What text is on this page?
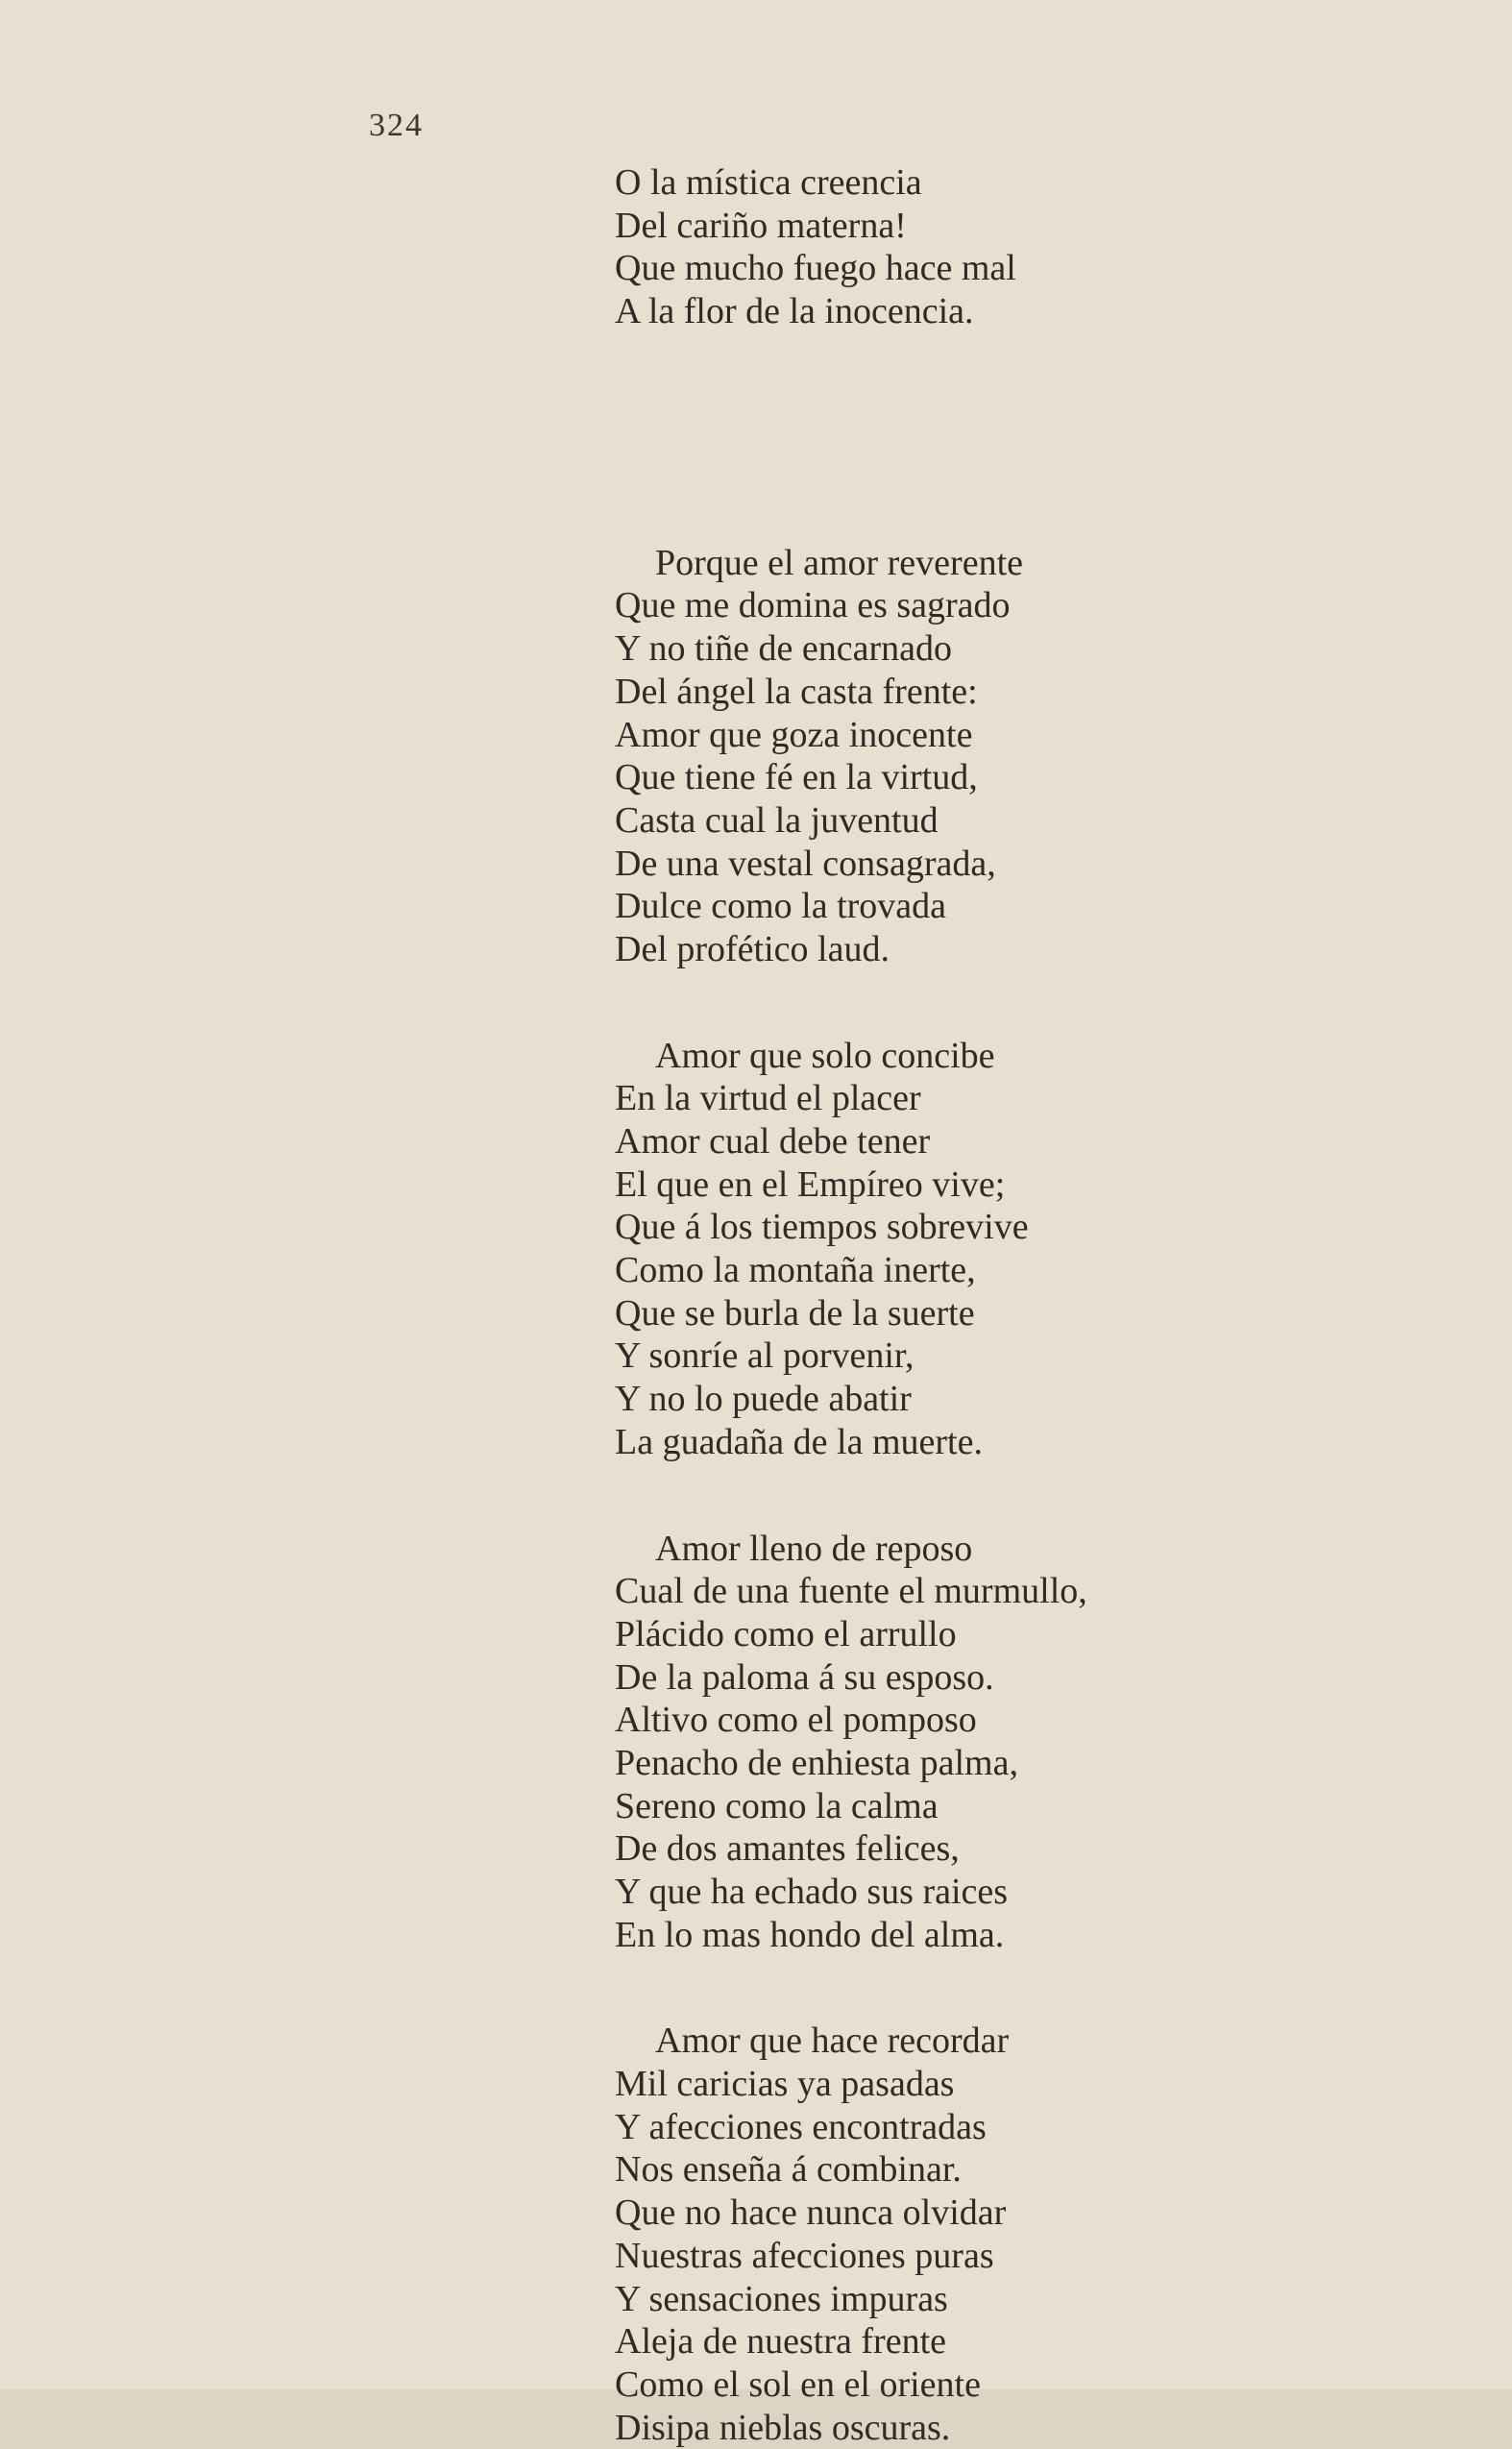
324
O la mística creencia
Del cariño materna!
Que mucho fuego hace mal
A la flor de la inocencia.
Porque el amor reverente
Que me domina es sagrado
Y no tiñe de encarnado
Del ángel la casta frente:
Amor que goza inocente
Que tiene fé en la virtud,
Casta cual la juventud
De una vestal consagrada,
Dulce como la trovada
Del profético laud.
Amor que solo concibe
En la virtud el placer
Amor cual debe tener
El que en el Empíreo vive;
Que á los tiempos sobrevive
Como la montaña inerte,
Que se burla de la suerte
Y sonríe al porvenir,
Y no lo puede abatir
La guadaña de la muerte.
Amor lleno de reposo
Cual de una fuente el murmullo,
Plácido como el arrullo
De la paloma á su esposo.
Altivo como el pomposo
Penacho de enhiesta palma,
Sereno como la calma
De dos amantes felices,
Y que ha echado sus raices
En lo mas hondo del alma.
Amor que hace recordar
Mil caricias ya pasadas
Y afecciones encontradas
Nos enseña á combinar.
Que no hace nunca olvidar
Nuestras afecciones puras
Y sensaciones impuras
Aleja de nuestra frente
Como el sol en el oriente
Disipa nieblas oscuras.
